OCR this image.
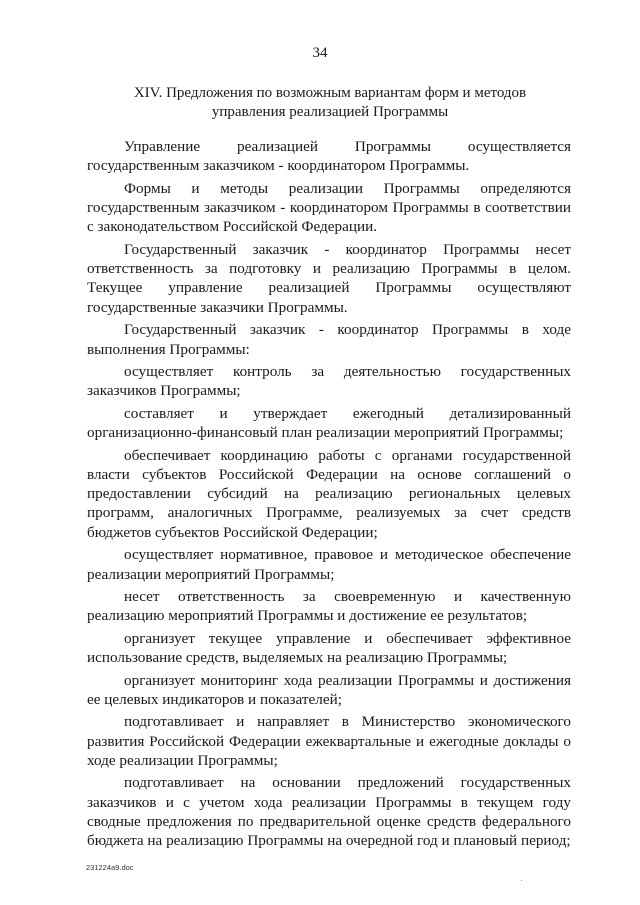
34
XIV. Предложения по возможным вариантам форм и методов
управления реализацией Программы

Управление реализацией Программы осуществляется государственным заказчиком - координатором Программы.

Формы и методы реализации Программы определяются государственным заказчиком - координатором Программы в соответствии с законодательством Российской Федерации.

Государственный заказчик - координатор Программы несет ответственность за подготовку и реализацию Программы в целом. Текущее управление реализацией Программы осуществляют государственные заказчики Программы.

Государственный заказчик - координатор Программы в ходе выполнения Программы:

осуществляет контроль за деятельностью государственных заказчиков Программы;

составляет и утверждает ежегодный детализированный организационно-финансовый план реализации мероприятий Программы;

обеспечивает координацию работы с органами государственной власти субъектов Российской Федерации на основе соглашений о предоставлении субсидий на реализацию региональных целевых программ, аналогичных Программе, реализуемых за счет средств бюджетов субъектов Российской Федерации;

осуществляет нормативное, правовое и методическое обеспечение реализации мероприятий Программы;

несет ответственность за своевременную и качественную реализацию мероприятий Программы и достижение ее результатов;

организует текущее управление и обеспечивает эффективное использование средств, выделяемых на реализацию Программы;

организует мониторинг хода реализации Программы и достижения ее целевых индикаторов и показателей;

подготавливает и направляет в Министерство экономического развития Российской Федерации ежеквартальные и ежегодные доклады о ходе реализации Программы;

подготавливает на основании предложений государственных заказчиков и с учетом хода реализации Программы в текущем году сводные предложения по предварительной оценке средств федерального бюджета на реализацию Программы на очередной год и плановый период;

231224a9.doc
